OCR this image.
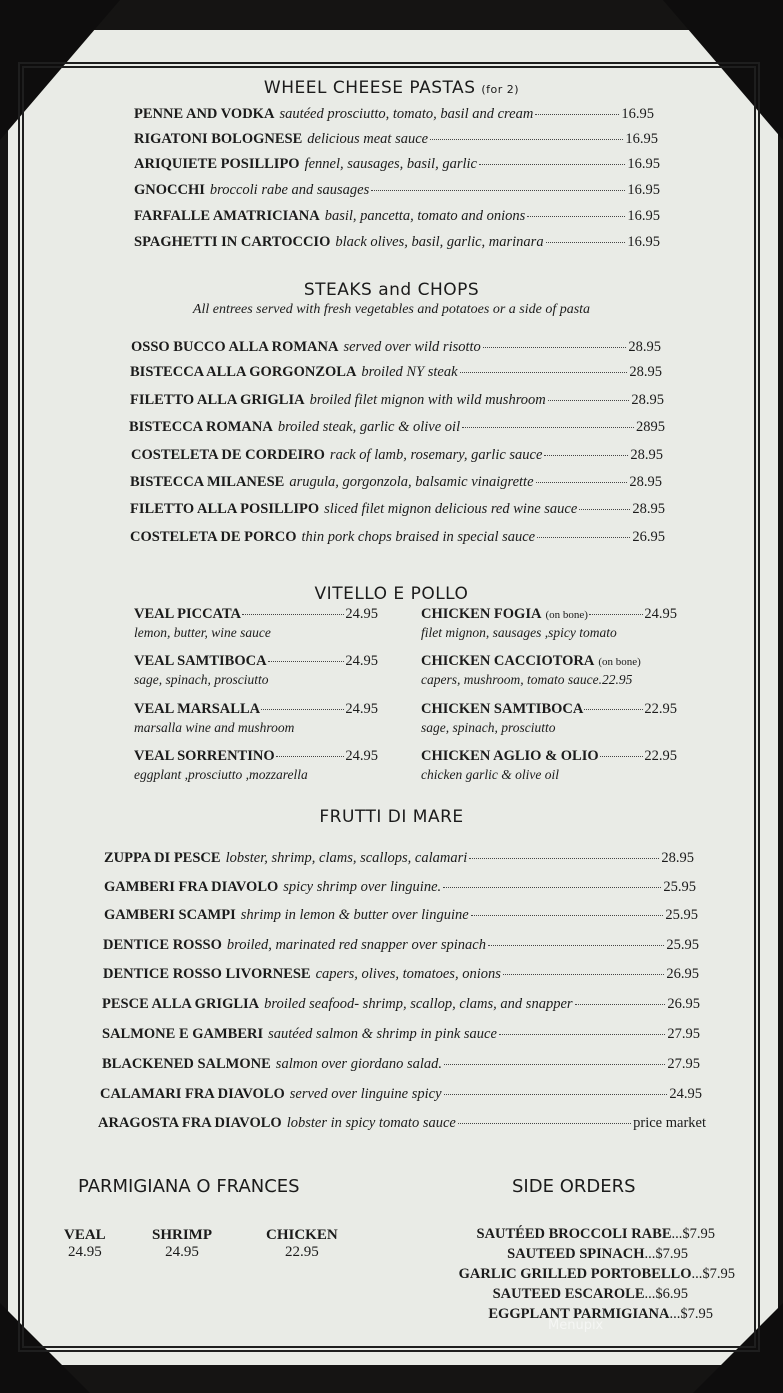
WHEEL CHEESE PASTAS (for 2)
PENNE AND VODKA sautéed prosciutto, tomato, basil and cream	16.95
RIGATONI BOLOGNESE delicious meat sauce	16.95
ARIQUIETE POSILLIPO fennel, sausages, basil, garlic	16.95
GNOCCHI broccoli rabe and sausages	16.95
FARFALLE AMATRICIANA basil, pancetta, tomato and onions	16.95
SPAGHETTI IN CARTOCCIO black olives, basil, garlic, marinara	16.95
STEAKS and CHOPS
All entrees served with fresh vegetables and potatoes or a side of pasta
OSSO BUCCO ALLA ROMANA served over wild risotto	28.95
BISTECCA ALLA GORGONZOLA broiled NY steak	28.95
FILETTO ALLA GRIGLIA broiled filet mignon with wild mushroom	28.95
BISTECCA ROMANA broiled steak, garlic & olive oil	2895
COSTELETA DE CORDEIRO rack of lamb, rosemary, garlic sauce	28.95
BISTECCA MILANESE arugula, gorgonzola, balsamic vinaigrette	28.95
FILETTO ALLA POSILLIPO sliced filet mignon delicious red wine sauce	28.95
COSTELETA DE PORCO thin pork chops braised in special sauce	26.95
VITELLO E POLLO
VEAL PICCATA	24.95
lemon, butter, wine sauce
VEAL SAMTIBOCA	24.95
sage, spinach, prosciutto
VEAL MARSALLA	24.95
marsalla wine and mushroom
VEAL SORRENTINO	24.95
eggplant ,prosciutto ,mozzarella
CHICKEN FOGIA (on bone)	24.95
filet mignon, sausages ,spicy tomato
CHICKEN CACCIOTORA (on bone)
capers, mushroom, tomato sauce.22.95
CHICKEN SAMTIBOCA	22.95
sage, spinach, prosciutto
CHICKEN AGLIO & OLIO	22.95
chicken garlic & olive oil
FRUTTI DI MARE
ZUPPA DI PESCE lobster, shrimp, clams, scallops, calamari	28.95
GAMBERI FRA DIAVOLO spicy shrimp over linguine.	25.95
GAMBERI SCAMPI shrimp in lemon & butter over linguine	25.95
DENTICE ROSSO broiled, marinated red snapper over spinach	25.95
DENTICE ROSSO LIVORNESE capers, olives, tomatoes, onions	26.95
PESCE ALLA GRIGLIA broiled seafood- shrimp, scallop, clams, and snapper	26.95
SALMONE E GAMBERI sautéed salmon & shrimp in pink sauce	27.95
BLACKENED SALMONE salmon over giordano salad.	27.95
CALAMARI FRA DIAVOLO served over linguine spicy	24.95
ARAGOSTA FRA DIAVOLO lobster in spicy tomato sauce	price market
PARMIGIANA O FRANCES
VEAL
24.95
SHRIMP
24.95
CHICKEN
22.95
SIDE ORDERS
SAUTÉED BROCCOLI RABE...$7.95
SAUTEED SPINACH...$7.95
GARLIC GRILLED PORTOBELLO...$7.95
SAUTEED ESCAROLE...$6.95
EGGPLANT PARMIGIANA...$7.95
Menupix
